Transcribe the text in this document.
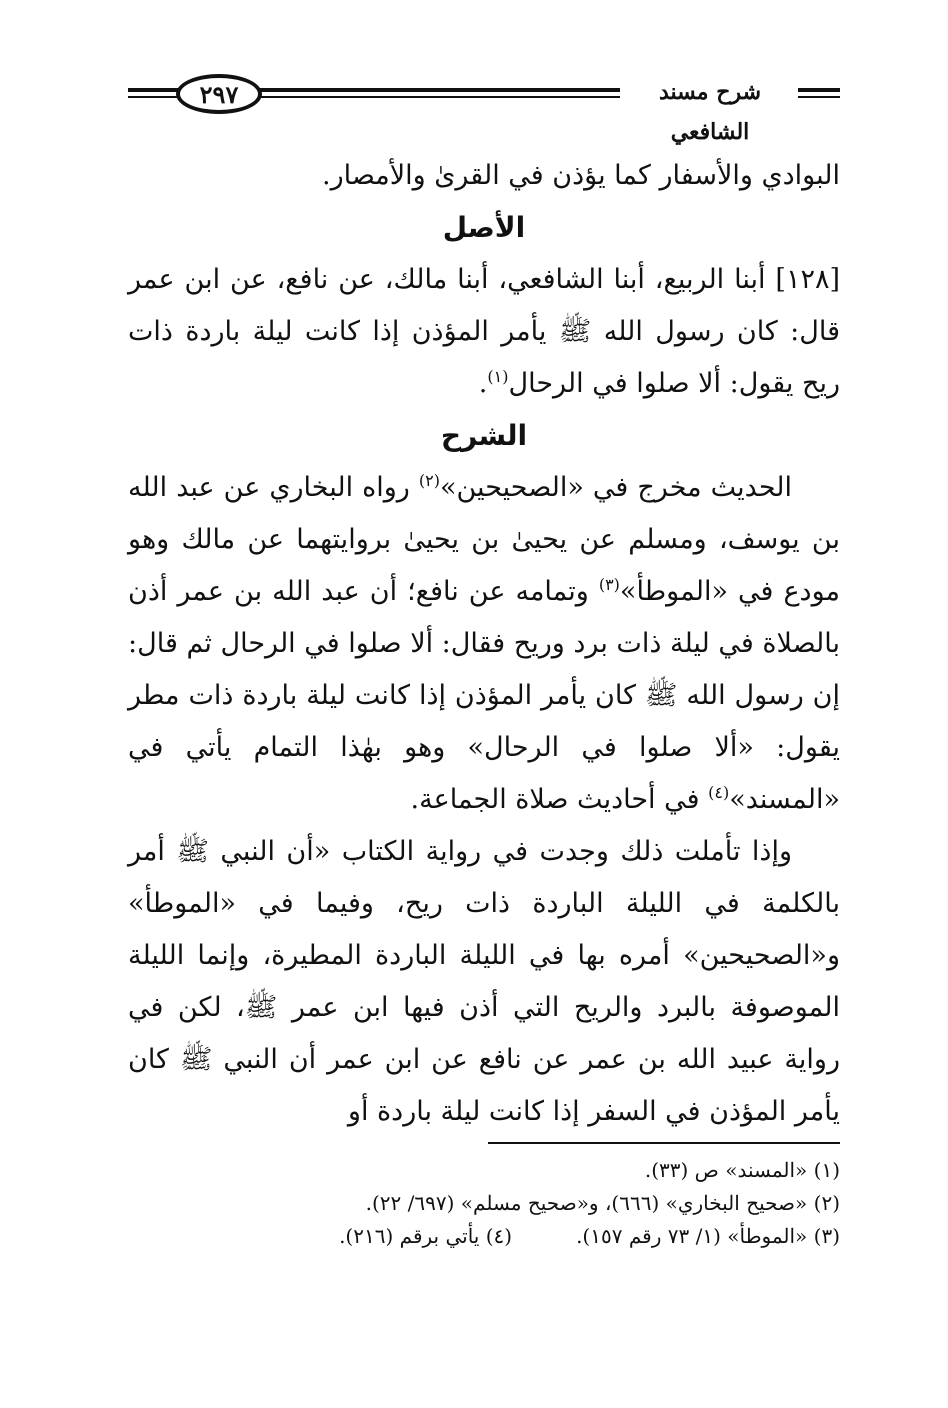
٢٩٧	شرح مسند الشافعي

البوادي والأسفار كما يؤذن في القرىٰ والأمصار.

الأصل

[١٢٨] أبنا الربيع، أبنا الشافعي، أبنا مالك، عن نافع، عن ابن عمر قال: كان رسول الله ﷺ يأمر المؤذن إذا كانت ليلة باردة ذات ريح يقول: ألا صلوا في الرحال$^{(١)}$.

الشرح

الحديث مخرج في «الصحيحين»$^{(٢)}$ رواه البخاري عن عبد الله بن يوسف، ومسلم عن يحيىٰ بن يحيىٰ بروايتهما عن مالك وهو مودع في «الموطأ»$^{(٣)}$ وتمامه عن نافع؛ أن عبد الله بن عمر أذن بالصلاة في ليلة ذات برد وريح فقال: ألا صلوا في الرحال ثم قال: إن رسول الله ﷺ كان يأمر المؤذن إذا كانت ليلة باردة ذات مطر يقول: «ألا صلوا في الرحال» وهو بهٰذا التمام يأتي في «المسند»$^{(٤)}$ في أحاديث صلاة الجماعة.

وإذا تأملت ذلك وجدت في رواية الكتاب «أن النبي ﷺ أمر بالكلمة في الليلة الباردة ذات ريح، وفيما في «الموطأ» و«الصحيحين» أمره بها في الليلة الباردة المطيرة، وإنما الليلة الموصوفة بالبرد والريح التي أذن فيها ابن عمر ﷺ، لكن في رواية عبيد الله بن عمر عن نافع عن ابن عمر أن النبي ﷺ كان يأمر المؤذن في السفر إذا كانت ليلة باردة أو

(١) «المسند» ص (٣٣).

(٢) «صحيح البخاري» (٦٦٦)، و«صحيح مسلم» (٦٩٧/ ٢٢).

(٣) «الموطأ» (١/ ٧٣ رقم ١٥٧).(٤) يأتي برقم (٢١٦).
